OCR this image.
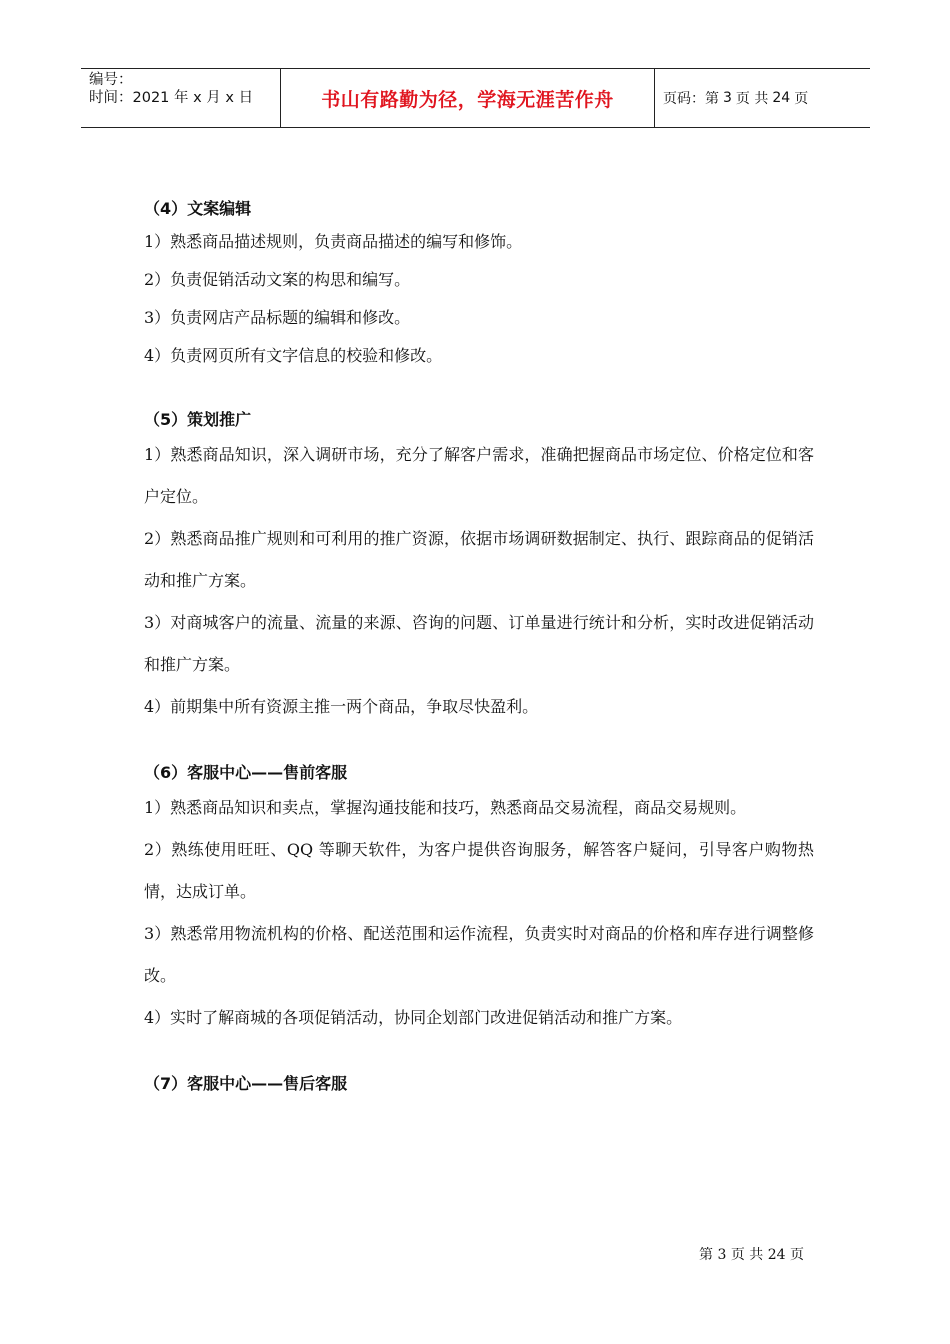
编号：
时间：2021 年 x 月 x 日	书山有路勤为径，学海无涯苦作舟	页码：第 3 页 共 24 页

（4）文案编辑

1）熟悉商品描述规则，负责商品描述的编写和修饰。

2）负责促销活动文案的构思和编写。

3）负责网店产品标题的编辑和修改。

4）负责网页所有文字信息的校验和修改。

（5）策划推广

1）熟悉商品知识，深入调研市场，充分了解客户需求，准确把握商品市场定位、价格定位和客户定位。

2）熟悉商品推广规则和可利用的推广资源，依据市场调研数据制定、执行、跟踪商品的促销活动和推广方案。

3）对商城客户的流量、流量的来源、咨询的问题、订单量进行统计和分析，实时改进促销活动和推广方案。

4）前期集中所有资源主推一两个商品，争取尽快盈利。

（6）客服中心——售前客服

1）熟悉商品知识和卖点，掌握沟通技能和技巧，熟悉商品交易流程，商品交易规则。

2）熟练使用旺旺、QQ 等聊天软件，为客户提供咨询服务，解答客户疑问，引导客户购物热情，达成订单。

3）熟悉常用物流机构的价格、配送范围和运作流程，负责实时对商品的价格和库存进行调整修改。

4）实时了解商城的各项促销活动，协同企划部门改进促销活动和推广方案。

（7）客服中心——售后客服

第 3 页 共 24 页
